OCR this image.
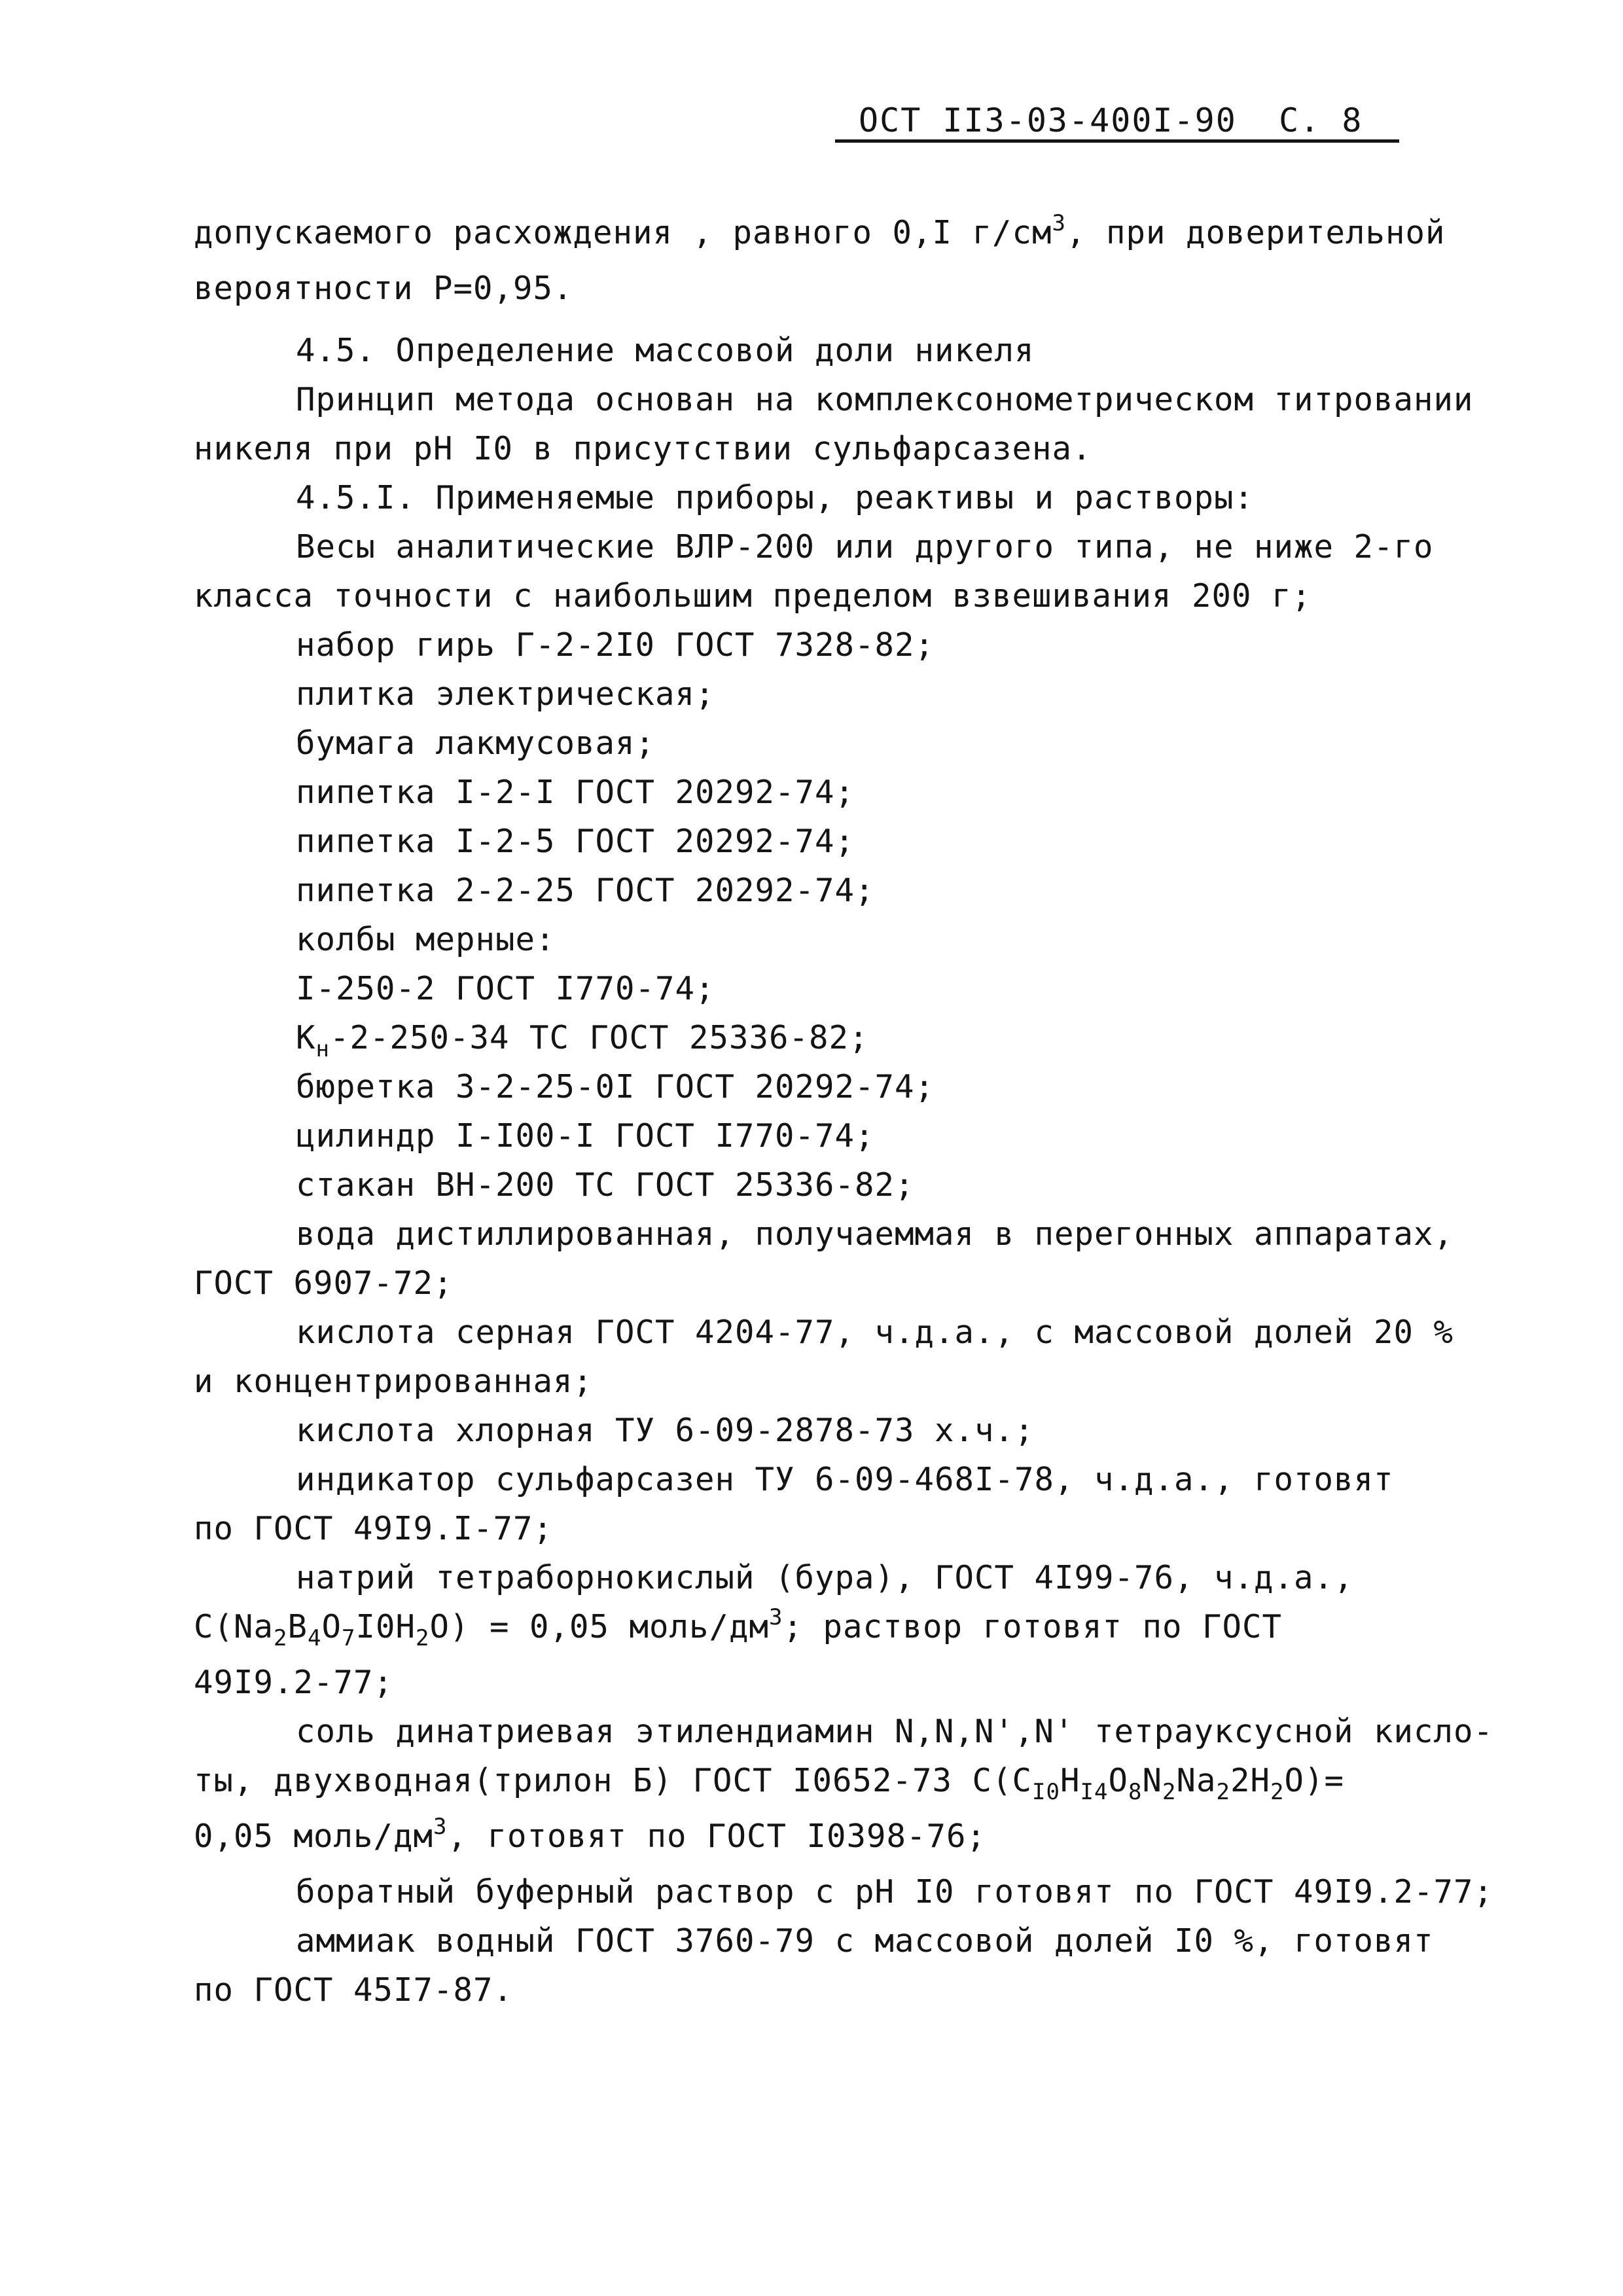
ОСТ II3-03-400I-90 С. 8
допускаемого расхождения , равного 0,I $г/см^3$, при доверительной
вероятности Р=0,95.
4.5. Определение массовой доли никеля
Принцип метода основан на комплексонометрическом титровании
никеля при рН I0 в присутствии сульфарсазена.
4.5.I. Применяемые приборы, реактивы и растворы:
Весы аналитические ВЛР-200 или другого типа, не ниже 2-го
класса точности с наибольшим пределом взвешивания 200 г;
набор гирь Г-2-2I0 ГОСТ 7328-82;
плитка электрическая;
бумага лакмусовая;
пипетка I-2-I ГОСТ 20292-74;
пипетка I-2-5 ГОСТ 20292-74;
пипетка 2-2-25 ГОСТ 20292-74;
колбы мерные:
I-250-2 ГОСТ I770-74;
$К_н-2-250-34$ ТС ГОСТ 25336-82;
бюретка 3-2-25-0I ГОСТ 20292-74;
цилиндр I-I00-I ГОСТ I770-74;
стакан ВН-200 ТС ГОСТ 25336-82;
вода дистиллированная, получаеммая в перегонных аппаратах,
ГОСТ 6907-72;
кислота серная ГОСТ 4204-77, ч.д.а., с массовой долей 20 %
и концентрированная;
кислота хлорная ТУ 6-09-2878-73 х.ч.;
индикатор сульфарсазен ТУ 6-09-468I-78, ч.д.а., готовят
по ГОСТ 49I9.I-77;
натрий тетраборнокислый (бура), ГОСТ 4I99-76, ч.д.а.,
$С(Na_2B_4O_7I0H_2O) = 0,05$ моль/$дм^3$; раствор готовят по ГОСТ
49I9.2-77;
соль динатриевая этилендиамин N,N,N',N' тетрауксусной кисло-
ты, двухводная(трилон Б) ГОСТ I0652-73 $С(С_{I0}H_{I4}O_8N_2Na_22H_2O)=$
0,05 моль/$дм^3$, готовят по ГОСТ I0398-76;
боратный буферный раствор с рН I0 готовят по ГОСТ 49I9.2-77;
аммиак водный ГОСТ 3760-79 с массовой долей I0 %, готовят
по ГОСТ 45I7-87.
